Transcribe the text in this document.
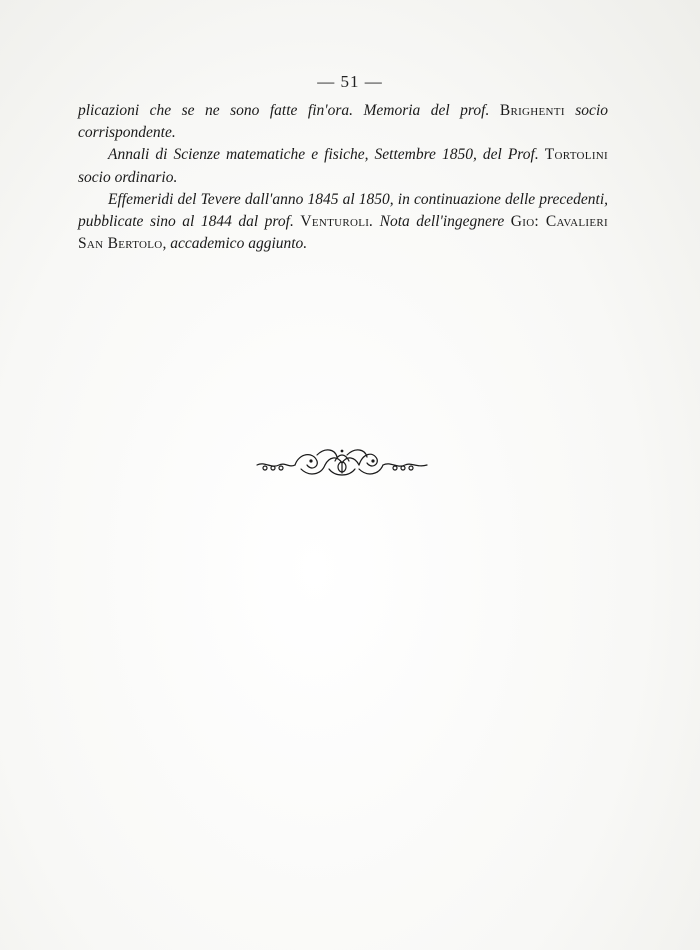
— 51 —

plicazioni che se ne sono fatte fin'ora. Memoria del prof. Brighenti socio corrispondente.

Annali di Scienze matematiche e fisiche, Settembre 1850, del Prof. Tortolini socio ordinario.

Effemeridi del Tevere dall'anno 1845 al 1850, in continuazione delle precedenti, pubblicate sino al 1844 dal prof. Venturoli. Nota dell'ingegnere Gio: Cavalieri San Bertolo, accademico aggiunto.
